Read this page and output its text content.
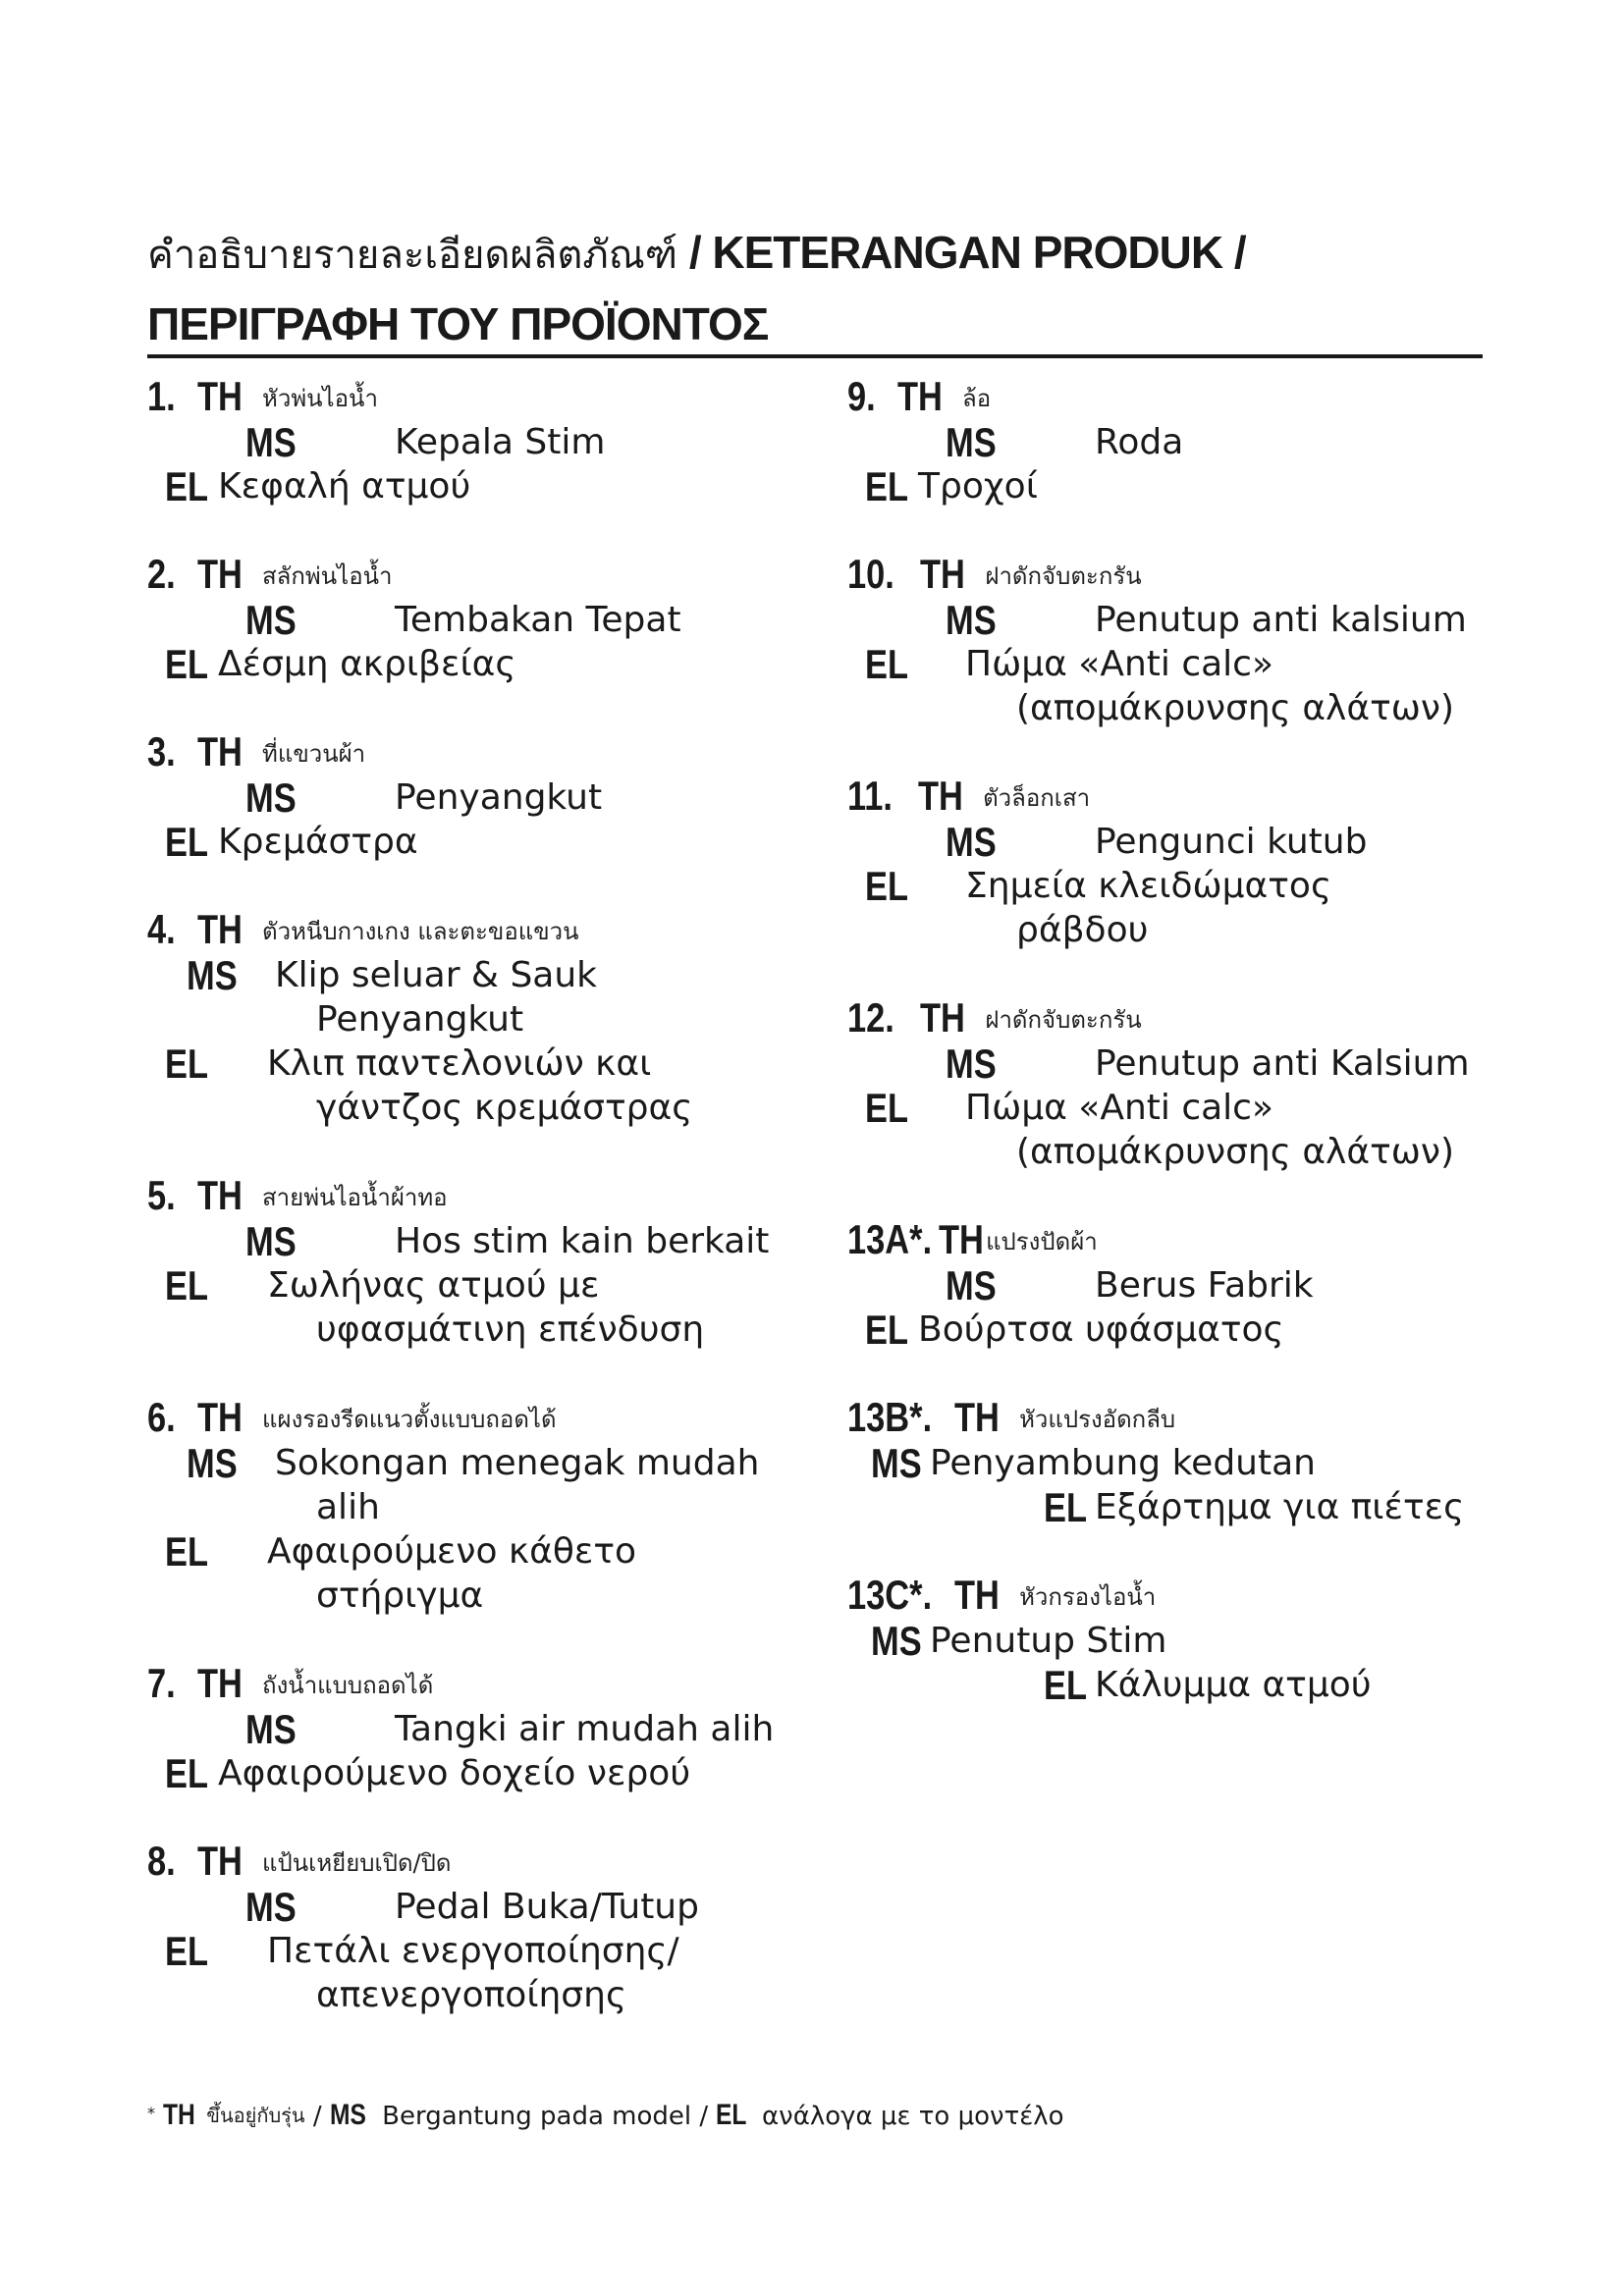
คำอธิบายรายละเอียดผลิตภัณฑ์ / KETERANGAN PRODUK / ΠΕΡΙΓΡΑΦΗ ΤΟΥ ΠΡΟΪΟΝΤΟΣ
1. TH หัวพ่นไอน้ำ
MS	Kepala Stim
EL Κεφαλή ατμού
2. TH สลักพ่นไอน้ำ
MS	Tembakan Tepat
EL Δέσμη ακριβείας
3. TH ที่แขวนผ้า
MS	Penyangkut
EL Κρεμάστρα
4. TH ตัวหนีบกางเกง และตะขอแขวน
MS	Klip seluar & Sauk
Penyangkut
EL Κλιπ παντελονιών και
γάντζος κρεμάστρας
5. TH สายพ่นไอน้ำผ้าทอ
MS	Hos stim kain berkait
EL Σωλήνας ατμού με
υφασμάτινη επένδυση
6. TH แผงรองรีดแนวตั้งแบบถอดได้
MS	Sokongan menegak mudah
alih
EL Αφαιρούμενο κάθετο
στήριγμα
7. TH ถังน้ำแบบถอดได้
MS	Tangki air mudah alih
EL Αφαιρούμενο δοχείο νερού
8. TH แป้นเหยียบเปิด/ปิด
MS	Pedal Buka/Tutup
EL Πετάλι ενεργοποίησης/
απενεργοποίησης
9. TH ล้อ
MS	Roda
EL Τροχοί
10. TH ฝาดักจับตะกรัน
MS	Penutup anti kalsium
EL Πώμα «Anti calc»
(απομάκρυνσης αλάτων)
11. TH ตัวล็อกเสา
MS	Pengunci kutub
EL Σημεία κλειδώματος
ράβδου
12. TH ฝาดักจับตะกรัน
MS	Penutup anti Kalsium
EL Πώμα «Anti calc»
(απομάκρυνσης αλάτων)
13A*. THแปรงปัดผ้า
MS	Berus Fabrik
EL Βούρτσα υφάσματος
13B*. TH หัวแปรงอัดกลีบ
MS Penyambung kedutan
EL Εξάρτημα για πιέτες
13C*. TH หัวกรองไอน้ำ
MS Penutup Stim
EL Κάλυμμα ατμού
* TH ขึ้นอยู่กับรุ่น / MS Bergantung pada model / EL ανάλογα με το μοντέλο
